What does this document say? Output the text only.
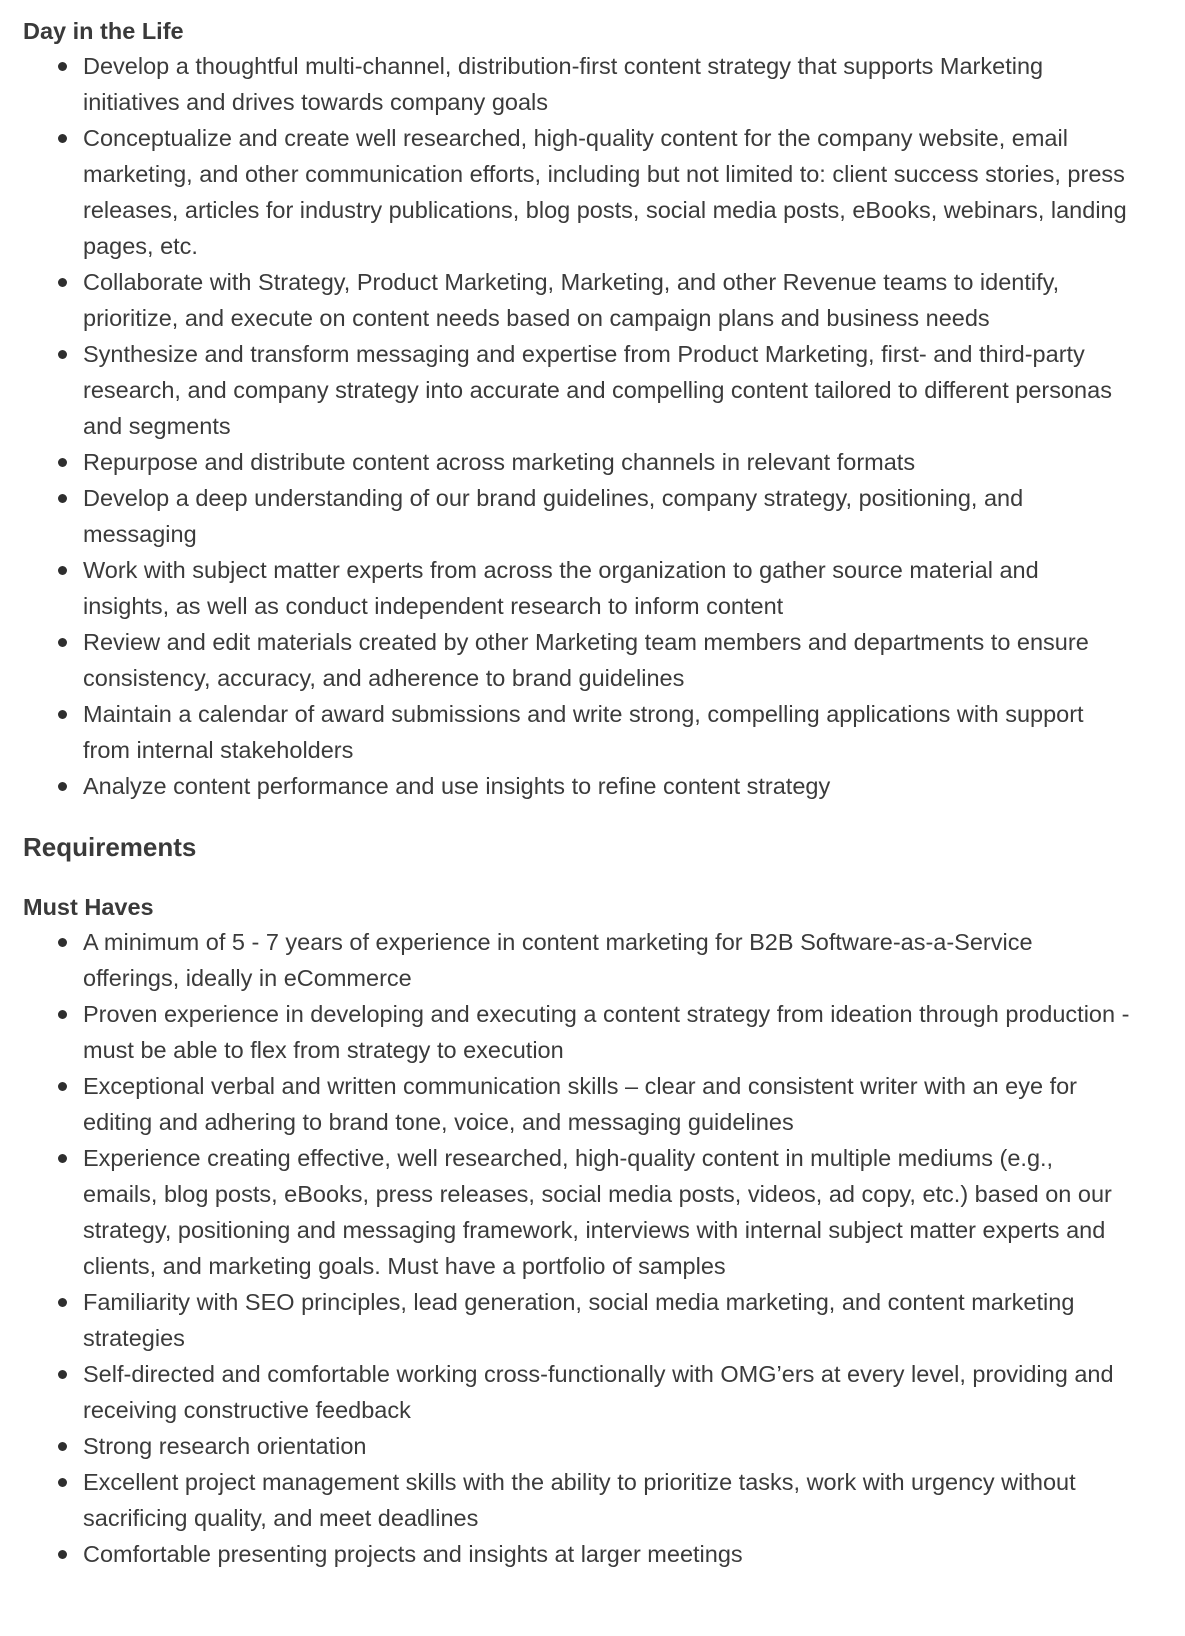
Day in the Life
Develop a thoughtful multi-channel, distribution-first content strategy that supports Marketing initiatives and drives towards company goals
Conceptualize and create well researched, high-quality content for the company website, email marketing, and other communication efforts, including but not limited to: client success stories, press releases, articles for industry publications, blog posts, social media posts, eBooks, webinars, landing pages, etc.
Collaborate with Strategy, Product Marketing, Marketing, and other Revenue teams to identify, prioritize, and execute on content needs based on campaign plans and business needs
Synthesize and transform messaging and expertise from Product Marketing, first- and third-party research, and company strategy into accurate and compelling content tailored to different personas and segments
Repurpose and distribute content across marketing channels in relevant formats
Develop a deep understanding of our brand guidelines, company strategy, positioning, and messaging
Work with subject matter experts from across the organization to gather source material and insights, as well as conduct independent research to inform content
Review and edit materials created by other Marketing team members and departments to ensure consistency, accuracy, and adherence to brand guidelines
Maintain a calendar of award submissions and write strong, compelling applications with support from internal stakeholders
Analyze content performance and use insights to refine content strategy
Requirements
Must Haves
A minimum of 5 - 7 years of experience in content marketing for B2B Software-as-a-Service offerings, ideally in eCommerce
Proven experience in developing and executing a content strategy from ideation through production - must be able to flex from strategy to execution
Exceptional verbal and written communication skills – clear and consistent writer with an eye for editing and adhering to brand tone, voice, and messaging guidelines
Experience creating effective, well researched, high-quality content in multiple mediums (e.g., emails, blog posts, eBooks, press releases, social media posts, videos, ad copy, etc.) based on our strategy, positioning and messaging framework, interviews with internal subject matter experts and clients, and marketing goals. Must have a portfolio of samples
Familiarity with SEO principles, lead generation, social media marketing, and content marketing strategies
Self-directed and comfortable working cross-functionally with OMG’ers at every level, providing and receiving constructive feedback
Strong research orientation
Excellent project management skills with the ability to prioritize tasks, work with urgency without sacrificing quality, and meet deadlines
Comfortable presenting projects and insights at larger meetings
